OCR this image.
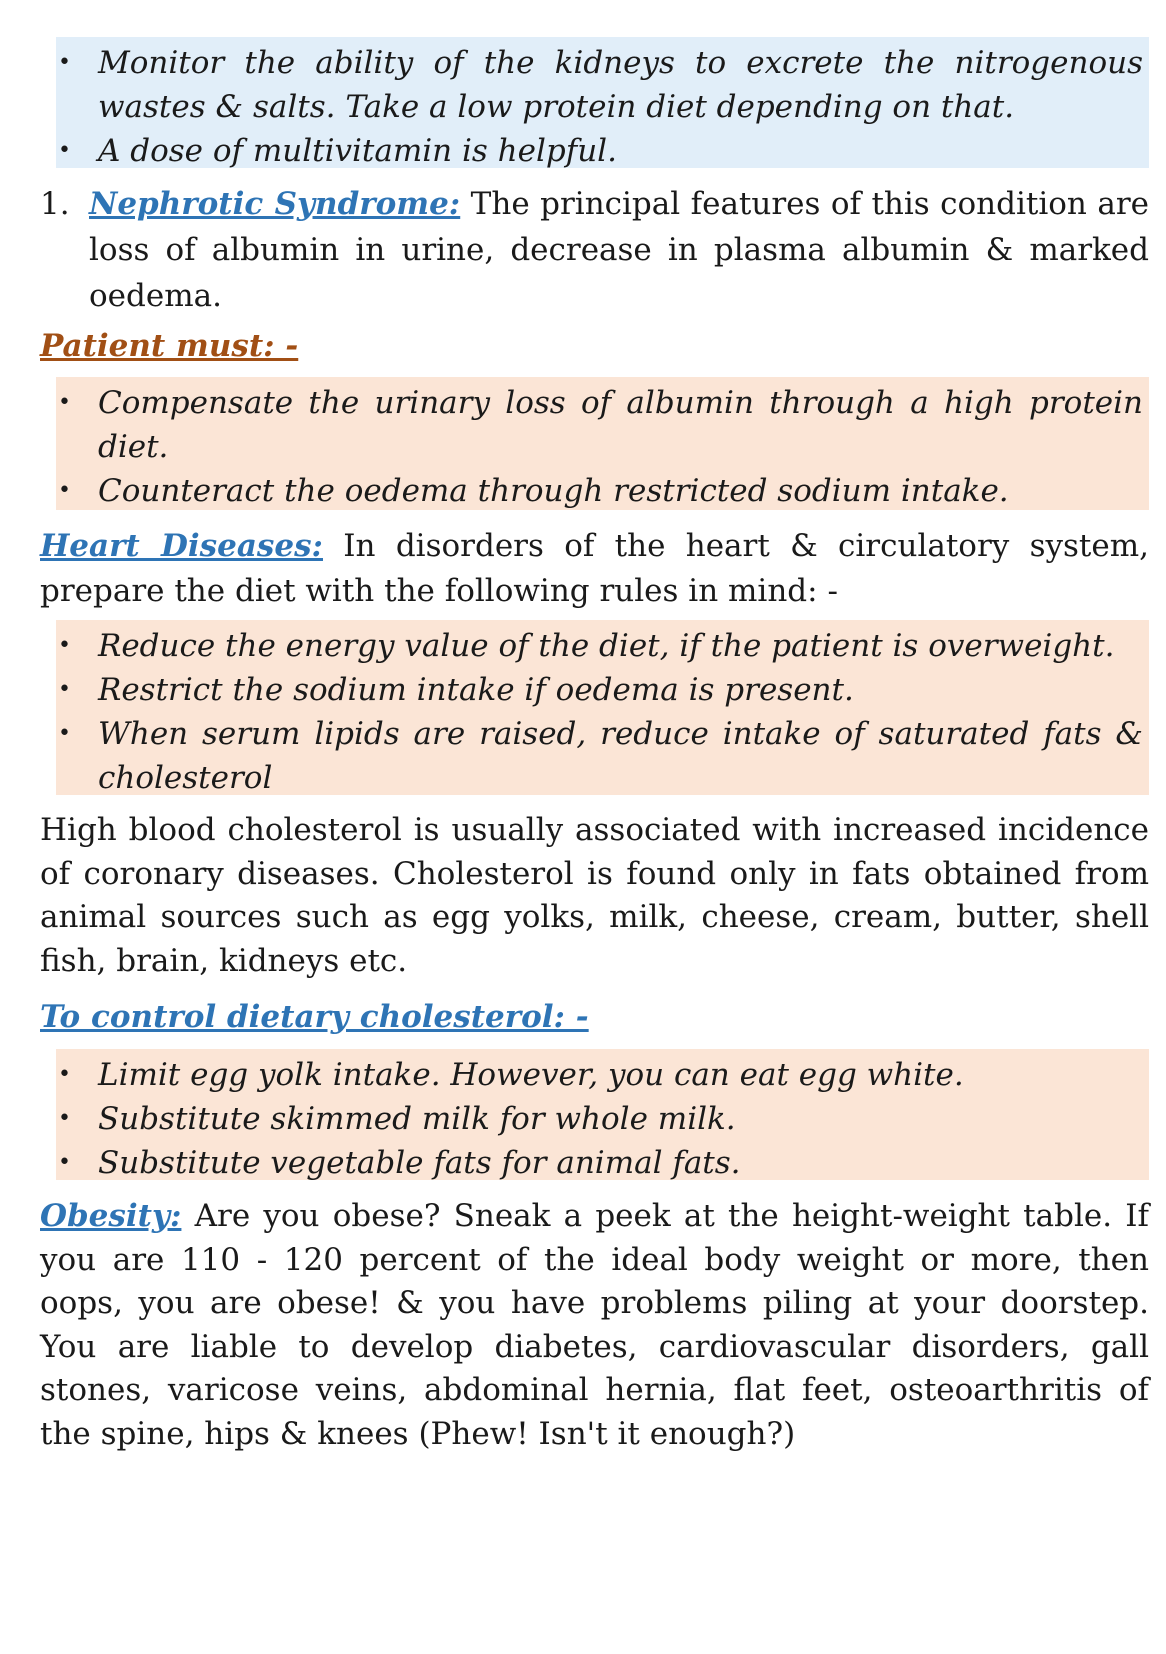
• Monitor the ability of the kidneys to excrete the nitrogenous wastes & salts. Take a low protein diet depending on that.
• A dose of multivitamin is helpful.
1. Nephrotic Syndrome: The principal features of this condition are loss of albumin in urine, decrease in plasma albumin & marked oedema.

Patient must: -

• Compensate the urinary loss of albumin through a high protein diet.
• Counteract the oedema through restricted sodium intake.

Heart Diseases: In disorders of the heart & circulatory system, prepare the diet with the following rules in mind: -

• Reduce the energy value of the diet, if the patient is overweight.
• Restrict the sodium intake if oedema is present.
• When serum lipids are raised, reduce intake of saturated fats & cholesterol

High blood cholesterol is usually associated with increased incidence of coronary diseases. Cholesterol is found only in fats obtained from animal sources such as egg yolks, milk, cheese, cream, butter, shell fish, brain, kidneys etc.

To control dietary cholesterol: -

• Limit egg yolk intake. However, you can eat egg white.
• Substitute skimmed milk for whole milk.
• Substitute vegetable fats for animal fats.

Obesity: Are you obese? Sneak a peek at the height-weight table. If you are 110 - 120 percent of the ideal body weight or more, then oops, you are obese! & you have problems piling at your doorstep. You are liable to develop diabetes, cardiovascular disorders, gall stones, varicose veins, abdominal hernia, flat feet, osteoarthritis of the spine, hips & knees (Phew! Isn't it enough?)
